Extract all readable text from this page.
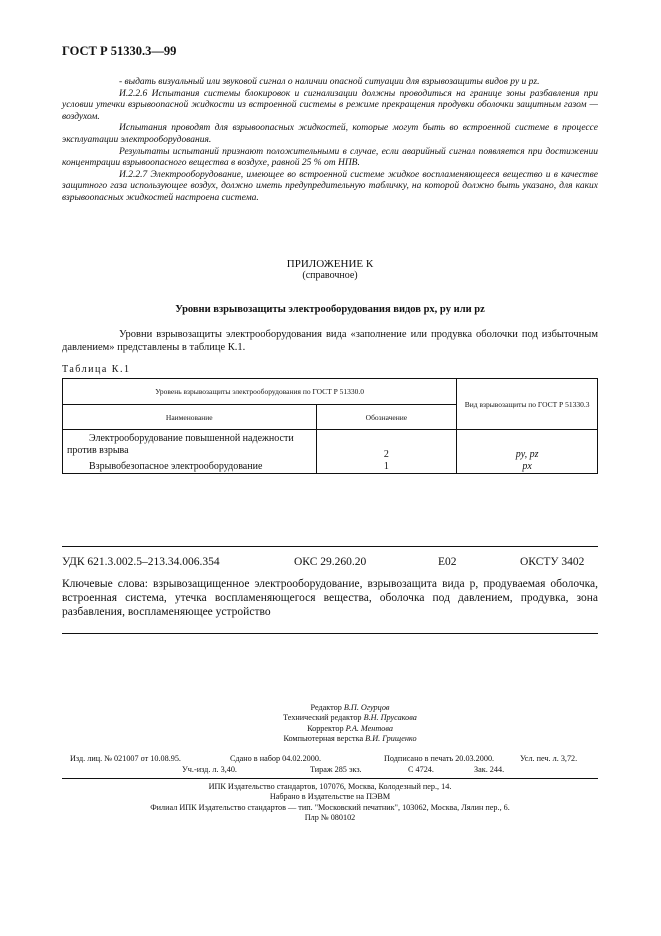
ГОСТ Р 51330.3—99
- выдать визуальный или звуковой сигнал о наличии опасной ситуации для взрывозащиты видов py и pz.
И.2.2.6 Испытания системы блокировок и сигнализации должны проводиться на границе зоны разбавления при условии утечки взрывоопасной жидкости из встроенной системы в режиме прекращения продувки оболочки защитным газом — воздухом.
Испытания проводят для взрывоопасных жидкостей, которые могут быть во встроенной системе в процессе эксплуатации электрооборудования.
Результаты испытаний признают положительными в случае, если аварийный сигнал появляется при достижении концентрации взрывоопасного вещества в воздухе, равной 25 % от НПВ.
И.2.2.7 Электрооборудование, имеющее во встроенной системе жидкое воспламеняющееся вещество и в качестве защитного газа использующее воздух, должно иметь предупредительную табличку, на которой должно быть указано, для каких взрывоопасных жидкостей настроена система.
ПРИЛОЖЕНИЕ К
(справочное)
Уровни взрывозащиты электрооборудования видов px, py или pz
Уровни взрывозащиты электрооборудования вида «заполнение или продувка оболочки под избыточным давлением» представлены в таблице К.1.
Таблица К.1
Уровень взрывозащиты электрооборудования по ГОСТ Р 51330.0		Вид взрывозащиты по ГОСТ Р 51330.3
Наименование	Обозначение	
Электрооборудование повышенной надежности против взрыва	2	py, pz
Взрывобезопасное электрооборудование	1	px
УДК 621.3.002.5–213.34.006.354	ОКС 29.260.20	Е02	ОКСТУ 3402
Ключевые слова: взрывозащищенное электрооборудование, взрывозащита вида p, продуваемая оболочка, встроенная система, утечка воспламеняющегося вещества, оболочка под давлением, продувка, зона разбавления, воспламеняющее устройство
Редактор В.П. Огурцов
Технический редактор В.Н. Прусакова
Корректор Р.А. Ментова
Компьютерная верстка В.И. Грищенко
Изд. лиц. № 021007 от 10.08.95.	Сдано в набор 04.02.2000.	Подписано в печать 20.03.2000.	Усл. печ. л. 3,72.
Уч.-изд. л. 3,40.	Тираж 285 экз.	С 4724.	Зак. 244.
ИПК Издательство стандартов, 107076, Москва, Колодезный пер., 14.
Набрано в Издательстве на ПЭВМ
Филиал ИПК Издательство стандартов — тип. "Московский печатник", 103062, Москва, Лялин пер., 6.
Плр № 080102
